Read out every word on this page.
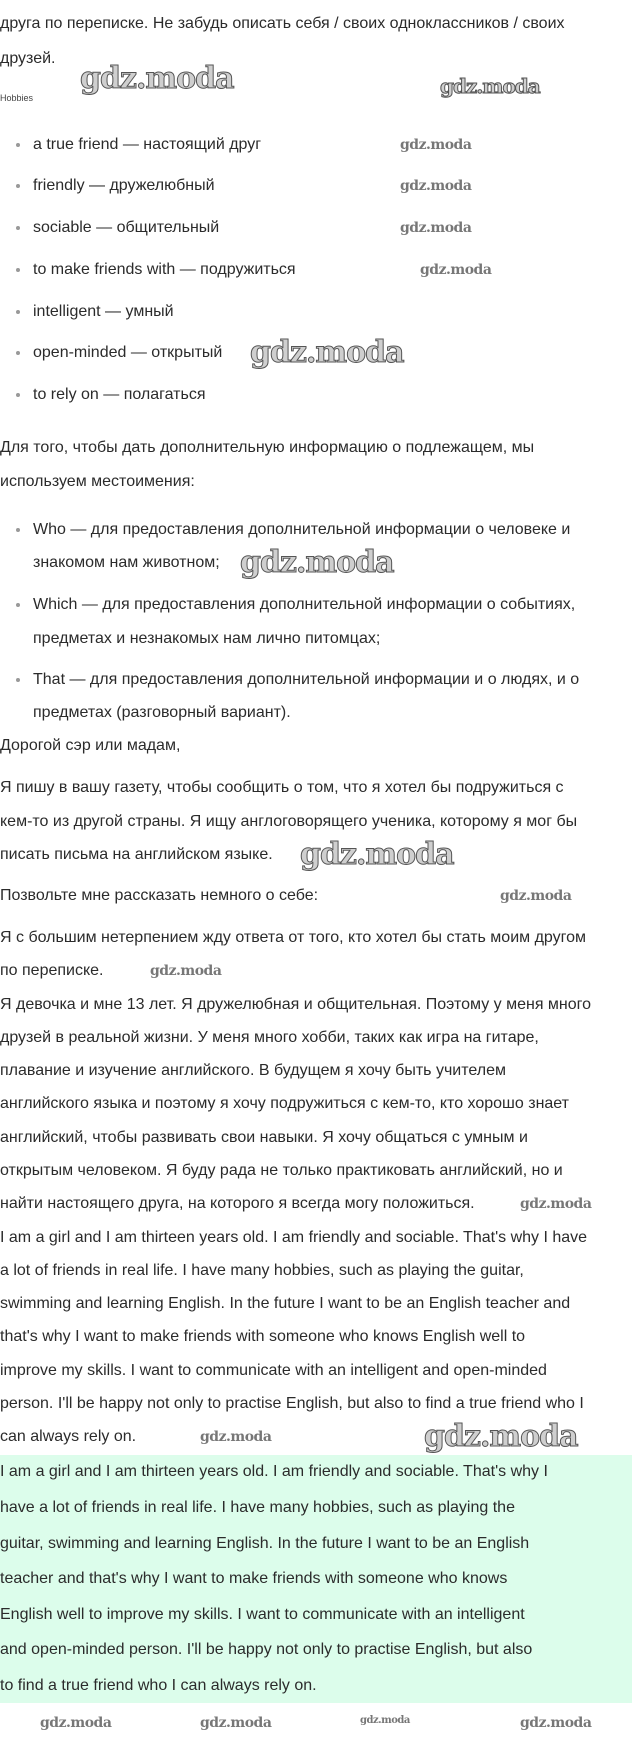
друга по переписке. Не забудь описать себя / своих одноклассников / своих
друзей.
Hobbies
a true friend — настоящий друг
friendly — дружелюбный
sociable — общительный
to make friends with — подружиться
intelligent — умный
open-minded — открытый
to rely on — полагаться
Для того, чтобы дать дополнительную информацию о подлежащем, мы
используем местоимения:
Who — для предоставления дополнительной информации о человеке и
знакомом нам животном;
Which — для предоставления дополнительной информации о событиях,
предметах и незнакомых нам лично питомцах;
That — для предоставления дополнительной информации и о людях, и о
предметах (разговорный вариант).
Дорогой сэр или мадам,
Я пишу в вашу газету, чтобы сообщить о том, что я хотел бы подружиться с
кем-то из другой страны. Я ищу англоговорящего ученика, которому я мог бы
писать письма на английском языке.
Позвольте мне рассказать немного о себе:
Я с большим нетерпением жду ответа от того, кто хотел бы стать моим другом
по переписке.
Я девочка и мне 13 лет. Я дружелюбная и общительная. Поэтому у меня много
друзей в реальной жизни. У меня много хобби, таких как игра на гитаре,
плавание и изучение английского. В будущем я хочу быть учителем
английского языка и поэтому я хочу подружиться с кем-то, кто хорошо знает
английский, чтобы развивать свои навыки. Я хочу общаться с умным и
открытым человеком. Я буду рада не только практиковать английский, но и
найти настоящего друга, на которого я всегда могу положиться.
I am a girl and I am thirteen years old. I am friendly and sociable. That's why I have
a lot of friends in real life. I have many hobbies, such as playing the guitar,
swimming and learning English. In the future I want to be an English teacher and
that's why I want to make friends with someone who knows English well to
improve my skills. I want to communicate with an intelligent and open-minded
person. I'll be happy not only to practise English, but also to find a true friend who I
can always rely on.
I am a girl and I am thirteen years old. I am friendly and sociable. That's why I
have a lot of friends in real life. I have many hobbies, such as playing the
guitar, swimming and learning English. In the future I want to be an English
teacher and that's why I want to make friends with someone who knows
English well to improve my skills. I want to communicate with an intelligent
and open-minded person. I'll be happy not only to practise English, but also
to find a true friend who I can always rely on.
gdz.moda	gdz.moda
gdz.moda
gdz.moda
gdz.moda
gdz.moda
gdz.moda
gdz.moda
gdz.moda
gdz.moda
gdz.moda
gdz.moda
gdz.moda
gdz.moda
gdz.moda	gdz.moda	gdz.moda	gdz.moda
